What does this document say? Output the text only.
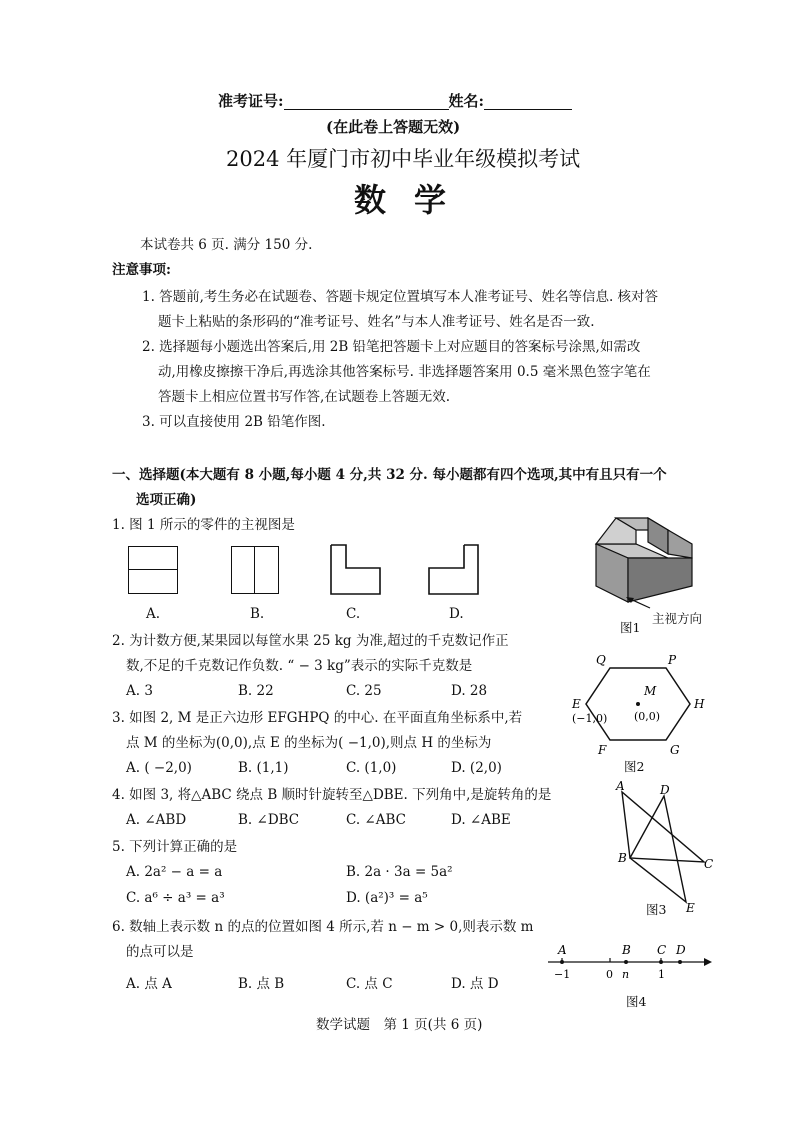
准考证号:	姓名:
(在此卷上答题无效)
2024 年厦门市初中毕业年级模拟考试
数学
本试卷共 6 页. 满分 150 分.
注意事项:
1. 答题前,考生务必在试题卷、答题卡规定位置填写本人准考证号、姓名等信息. 核对答
题卡上粘贴的条形码的“准考证号、姓名”与本人准考证号、姓名是否一致.
2. 选择题每小题选出答案后,用 2B 铅笔把答题卡上对应题目的答案标号涂黑,如需改
动,用橡皮擦擦干净后,再选涂其他答案标号. 非选择题答案用 0.5 毫米黑色签字笔在
答题卡上相应位置书写作答,在试题卷上答题无效.
3. 可以直接使用 2B 铅笔作图.
一、选择题(本大题有 8 小题,每小题 4 分,共 32 分. 每小题都有四个选项,其中有且只有一个
选项正确)
1. 图 1 所示的零件的主视图是
A.	B.	C.	D.	主视方向
图1
2. 为计数方便,某果园以每筐水果 25 kg 为准,超过的千克数记作正
数,不足的千克数记作负数. “ − 3 kg”表示的实际千克数是
A. 3	B. 22	C. 25	D. 28
Q	P
E	H
F	G
M
(0,0)
(−1,0)
图2
3. 如图 2, M 是正六边形 EFGHPQ 的中心. 在平面直角坐标系中,若
点 M 的坐标为(0,0),点 E 的坐标为( −1,0),则点 H 的坐标为
A. ( −2,0)	B. (1,1)	C. (1,0)	D. (2,0)
4. 如图 3, 将△ABC 绕点 B 顺时针旋转至△DBE. 下列角中,是旋转角的是
A. ∠ABD	B. ∠DBC	C. ∠ABC	D. ∠ABE
A	D
B	C
E
图3
5. 下列计算正确的是
A. 2a² − a = a	B. 2a · 3a = 5a²
C. a⁶ ÷ a³ = a³	D. (a²)³ = a⁵
6. 数轴上表示数 n 的点的位置如图 4 所示,若 n − m > 0,则表示数 m
的点可以是
A. 点 A	B. 点 B	C. 点 C	D. 点 D
A	B C D
−1	0 n	1
图4
数学试题　第 1 页(共 6 页)
